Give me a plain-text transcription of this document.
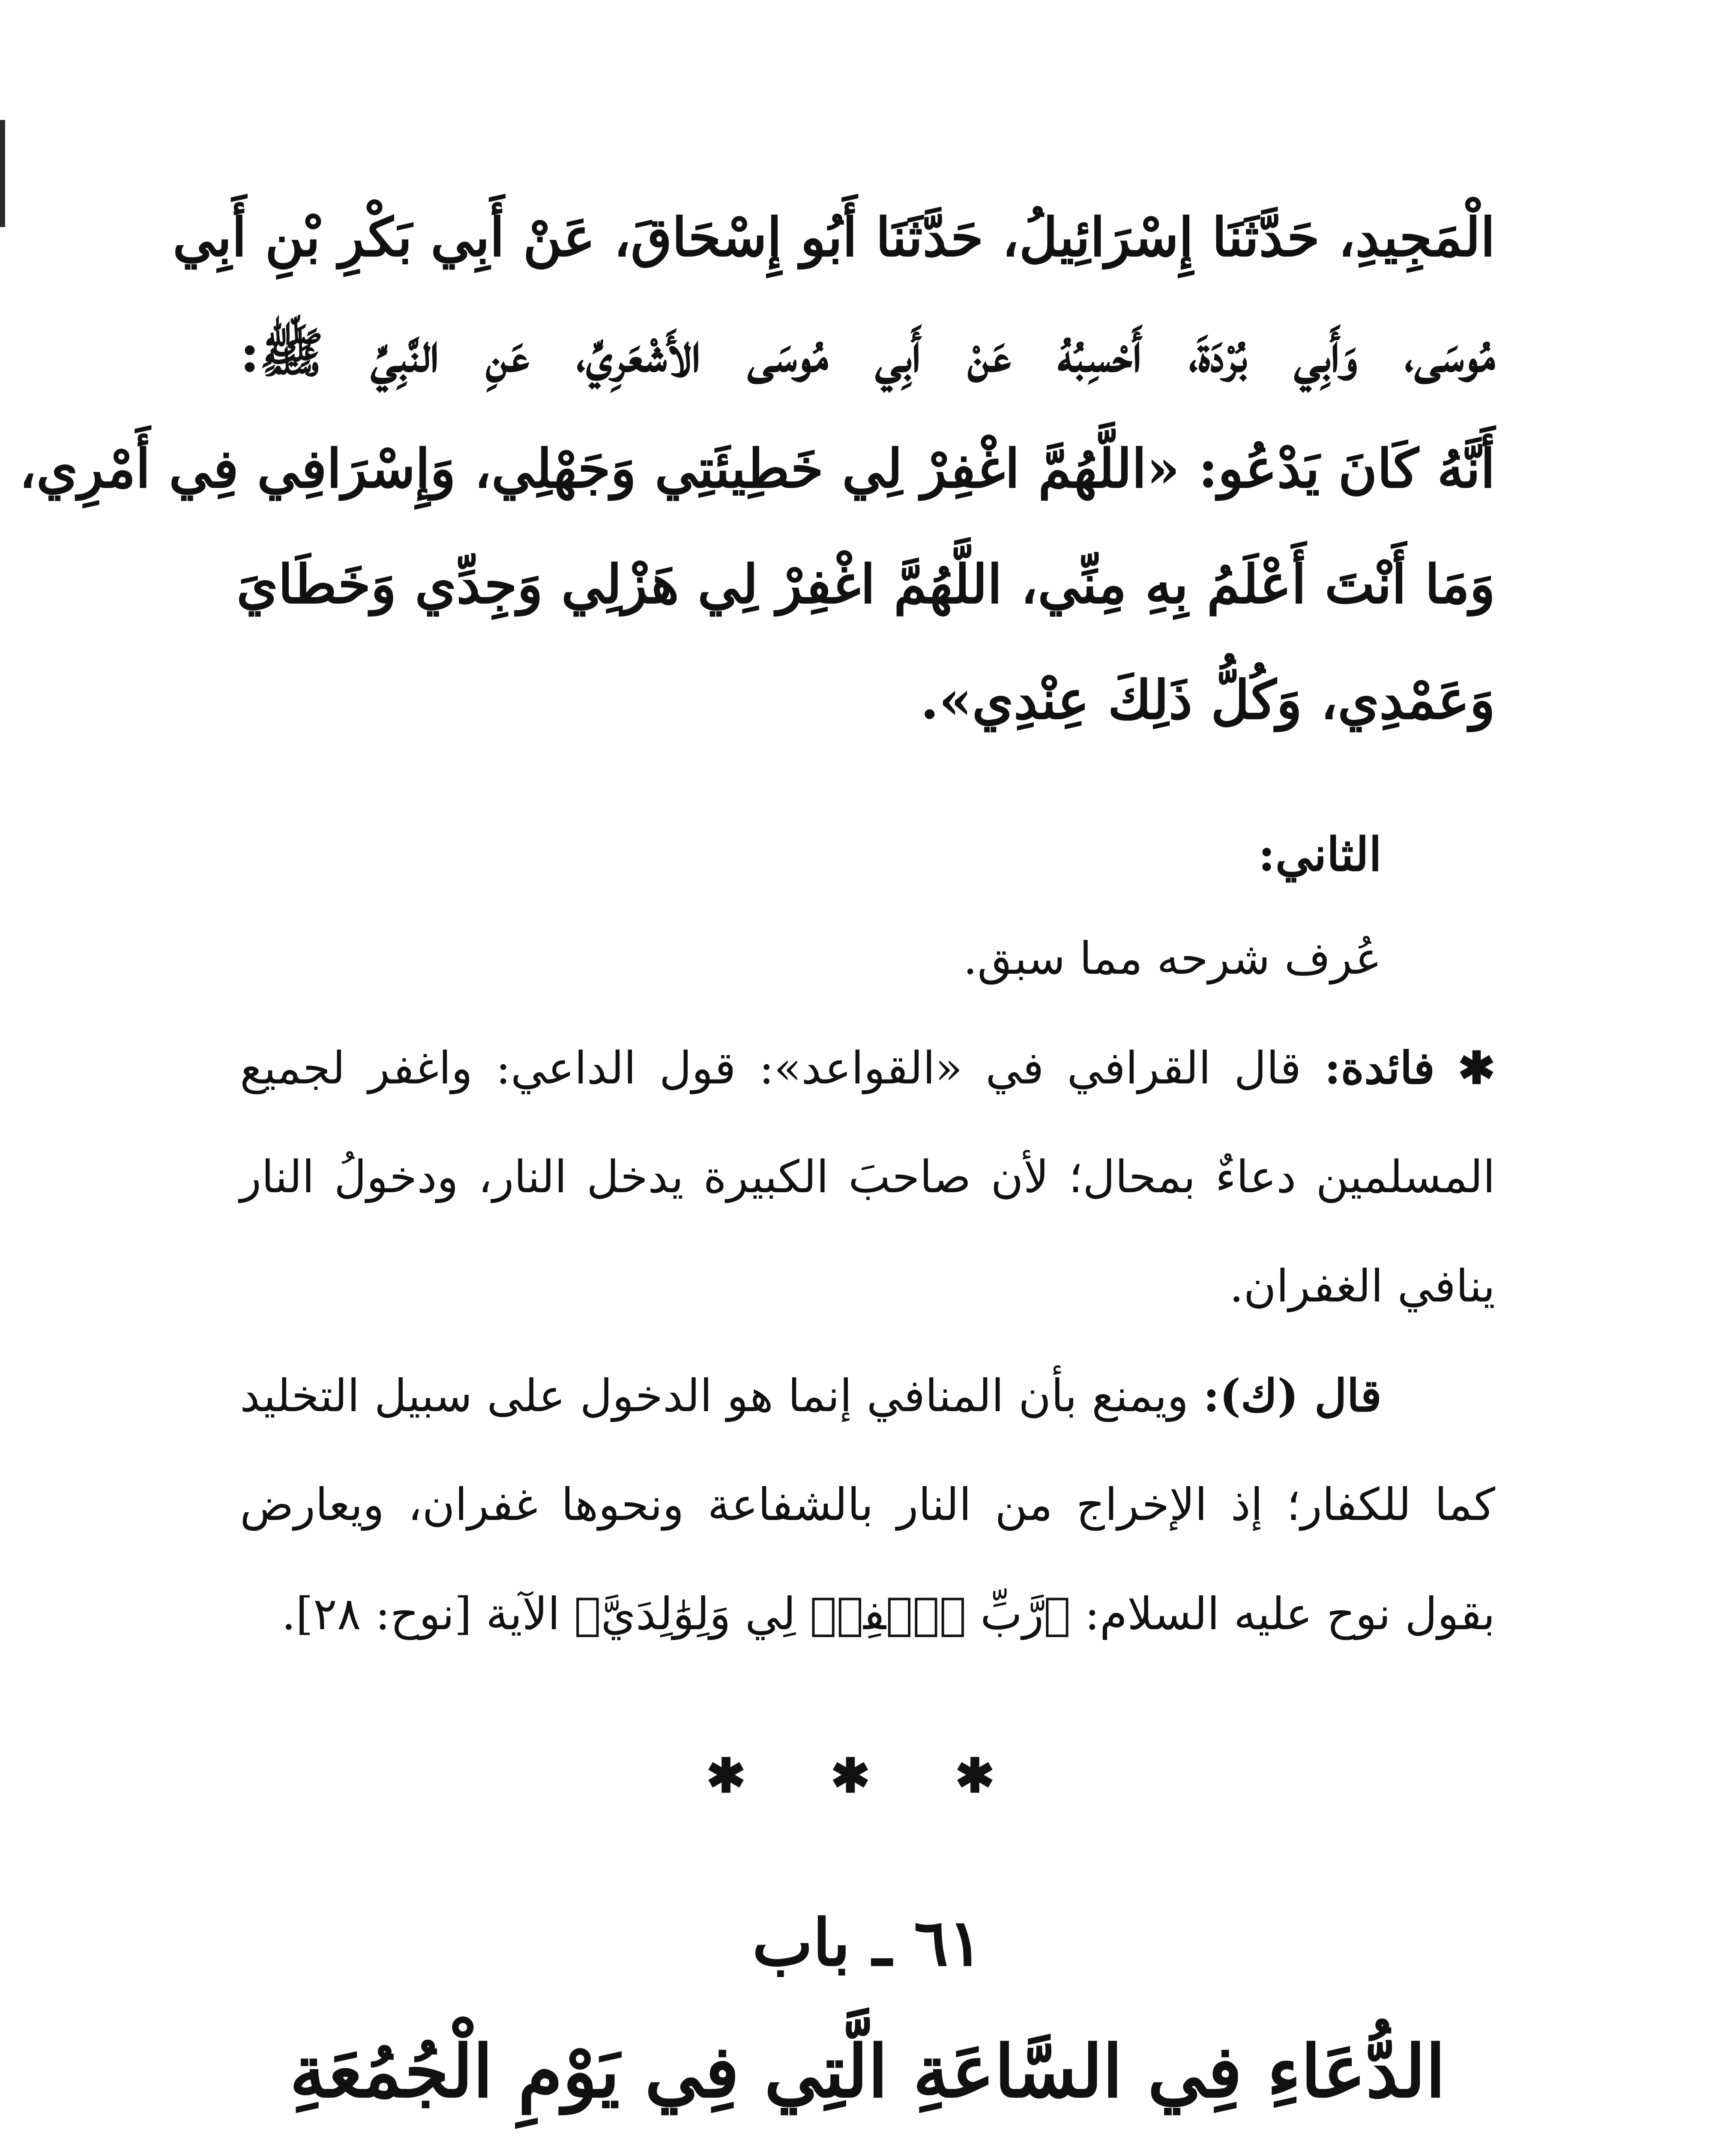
الْمَجِيدِ، حَدَّثَنَا إِسْرَائِيلُ، حَدَّثَنَا أَبُو إِسْحَاقَ، عَنْ أَبِي بَكْرِ بْنِ أَبِي
مُوسَى، وَأَبِي بُرْدَةَ، أَحْسِبُهُ عَنْ أَبِي مُوسَى الأَشْعَرِيِّ، عَنِ النَّبِيِّ ﷺ:
أَنَّهُ كَانَ يَدْعُو: «اللَّهُمَّ اغْفِرْ لِي خَطِيئَتِي وَجَهْلِي، وَإِسْرَافِي فِي أَمْرِي،
وَمَا أَنْتَ أَعْلَمُ بِهِ مِنِّي، اللَّهُمَّ اغْفِرْ لِي هَزْلِي وَجِدِّي وَخَطَايَ
وَعَمْدِي، وَكُلُّ ذَلِكَ عِنْدِي».
الثاني:
عُرف شرحه مما سبق.
✱ فائدة: قال القرافي في «القواعد»: قول الداعي: واغفر لجميع
المسلمين دعاءٌ بمحال؛ لأن صاحبَ الكبيرة يدخل النار، ودخولُ النار
ينافي الغفران.
قال (ك): ويمنع بأن المنافي إنما هو الدخول على سبيل التخليد
كما للكفار؛ إذ الإخراج من النار بالشفاعة ونحوها غفران، ويعارض
بقول نوح عليه السلام: ﴿رَّبِّ ٱغۡفِرۡ لِي وَلِوَٰلِدَيَّ﴾ الآية [نوح: ٢٨].
✱ ✱ ✱
٦١ ـ باب
الدُّعَاءِ فِي السَّاعَةِ الَّتِي فِي يَوْمِ الْجُمُعَةِ
